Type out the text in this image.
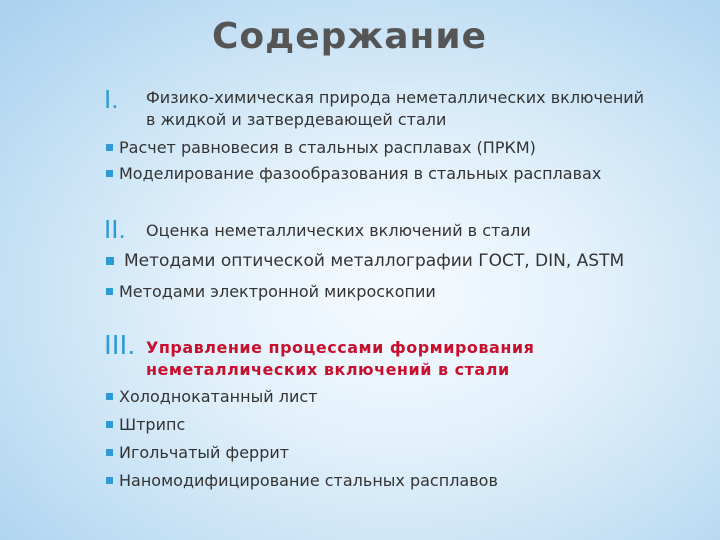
Содержание
I. Физико-химическая природа неметаллических включений
в жидкой и затвердевающей стали
Расчет равновесия в стальных расплавах (ПРКМ)
Моделирование фазообразования в стальных расплавах
II. Оценка неметаллических включений в стали
Методами оптической металлографии ГОСТ, DIN, ASTM
Методами электронной микроскопии
III. Управление процессами формирования
неметаллических включений в стали
Холоднокатанный лист
Штрипс
Игольчатый феррит
Наномодифицирование стальных расплавов
